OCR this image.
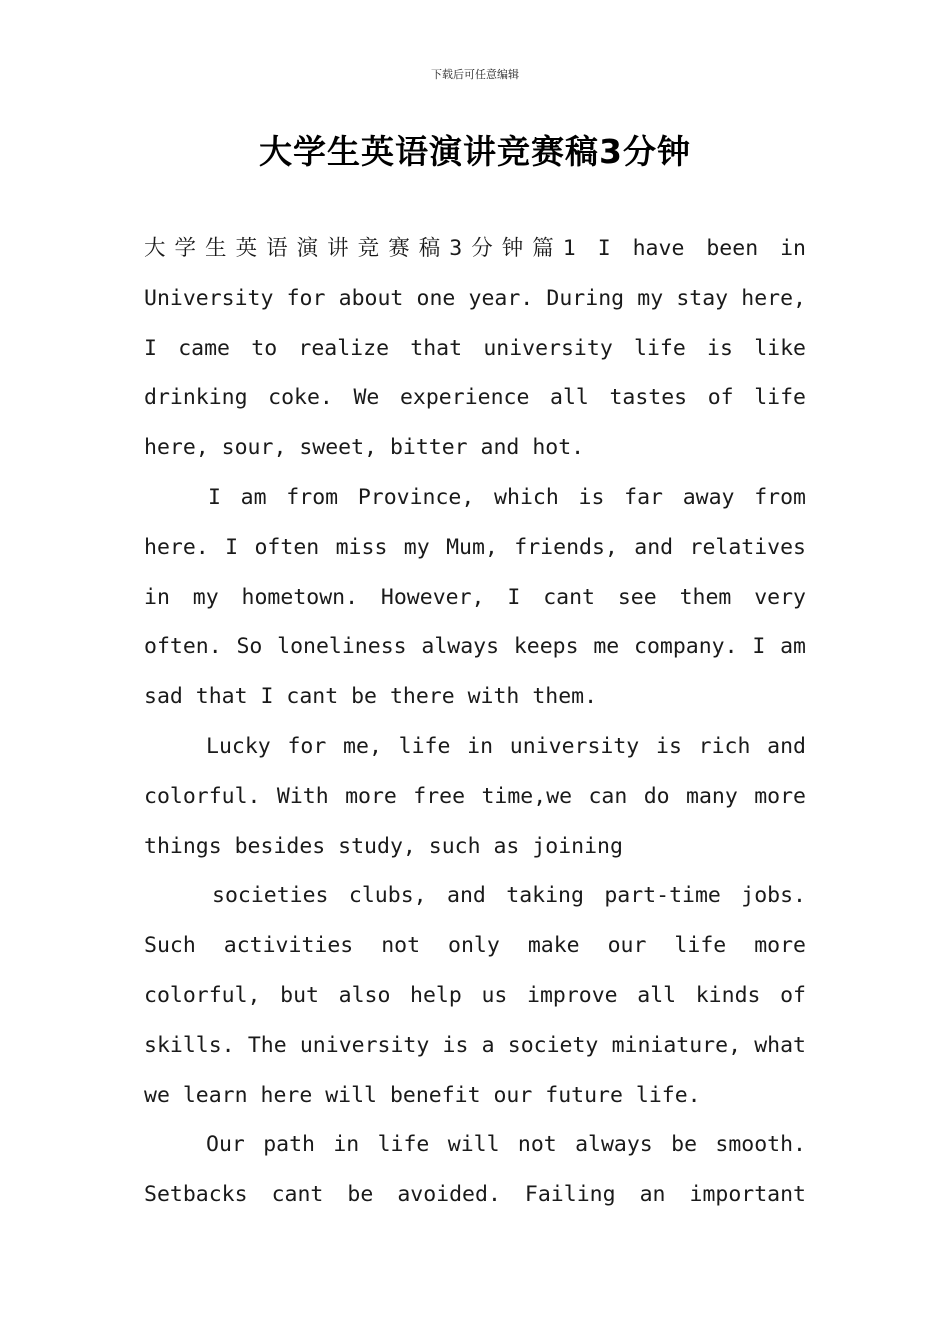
下载后可任意编辑
大学生英语演讲竞赛稿3分钟
大学生英语演讲竞赛稿3分钟篇1 I have been in
University for about one year. During my stay here,
I came to realize that university life is like
drinking coke. We experience all tastes of life
here, sour, sweet, bitter and hot.
I am from Province, which is far away from
here. I often miss my Mum, friends, and relatives
in my hometown. However, I cant see them very
often. So loneliness always keeps me company. I am
sad that I cant be there with them.
Lucky for me, life in university is rich and
colorful. With more free time,we can do many more
things besides study, such as joining
societies clubs, and taking part-time jobs.
Such activities not only make our life more
colorful, but also help us improve all kinds of
skills. The university is a society miniature, what
we learn here will benefit our future life.
Our path in life will not always be smooth.
Setbacks cant be avoided. Failing an important
